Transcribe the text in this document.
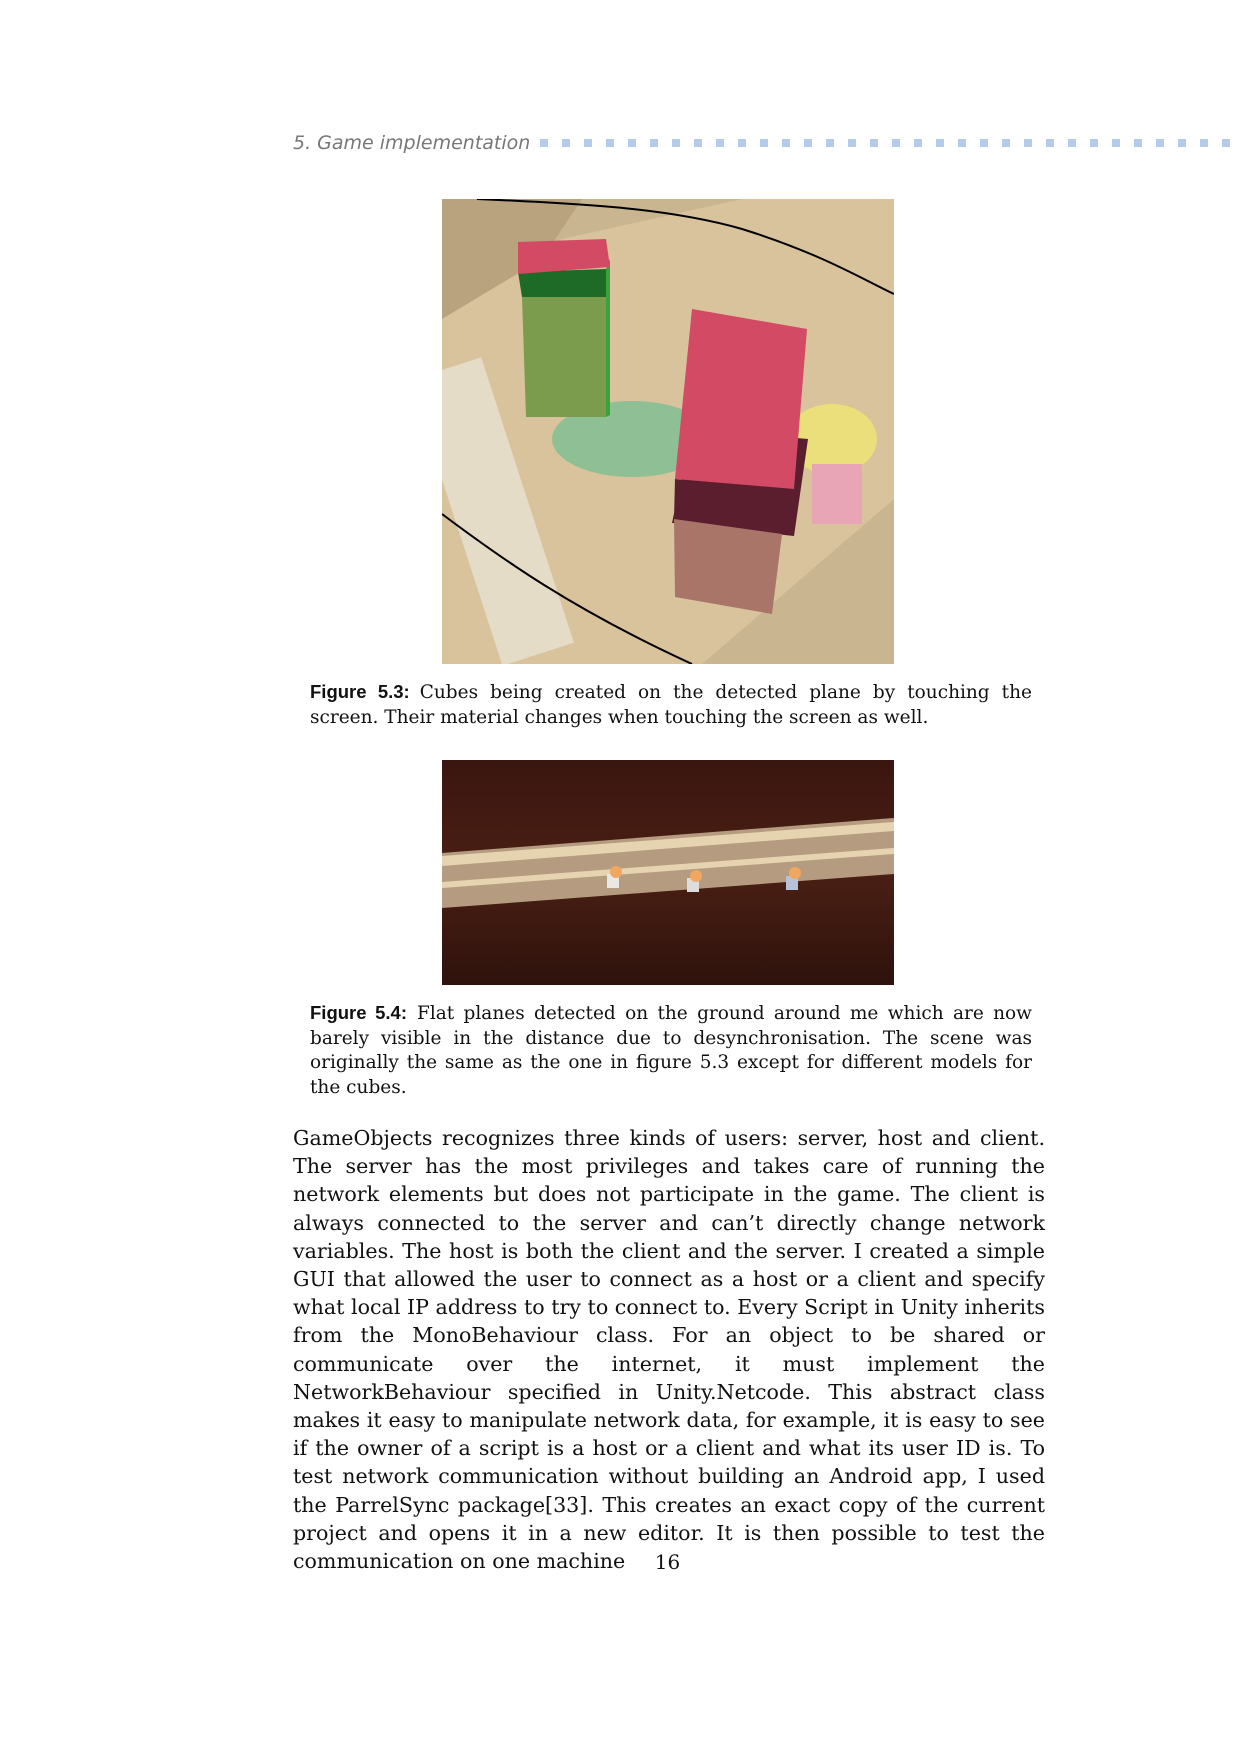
5. Game implementation
Figure 5.3: Cubes being created on the detected plane by touching the screen. Their material changes when touching the screen as well.
Figure 5.4: Flat planes detected on the ground around me which are now barely visible in the distance due to desynchronisation. The scene was originally the same as the one in figure 5.3 except for different models for the cubes.
GameObjects recognizes three kinds of users: server, host and client. The server has the most privileges and takes care of running the network elements but does not participate in the game. The client is always connected to the server and can’t directly change network variables. The host is both the client and the server. I created a simple GUI that allowed the user to connect as a host or a client and specify what local IP address to try to connect to. Every Script in Unity inherits from the MonoBehaviour class. For an object to be shared or communicate over the internet, it must implement the NetworkBehaviour specified in Unity.Netcode. This abstract class makes it easy to manipulate network data, for example, it is easy to see if the owner of a script is a host or a client and what its user ID is. To test network communication without building an Android app, I used the ParrelSync package[33]. This creates an exact copy of the current project and opens it in a new editor. It is then possible to test the communication on one machine	16
